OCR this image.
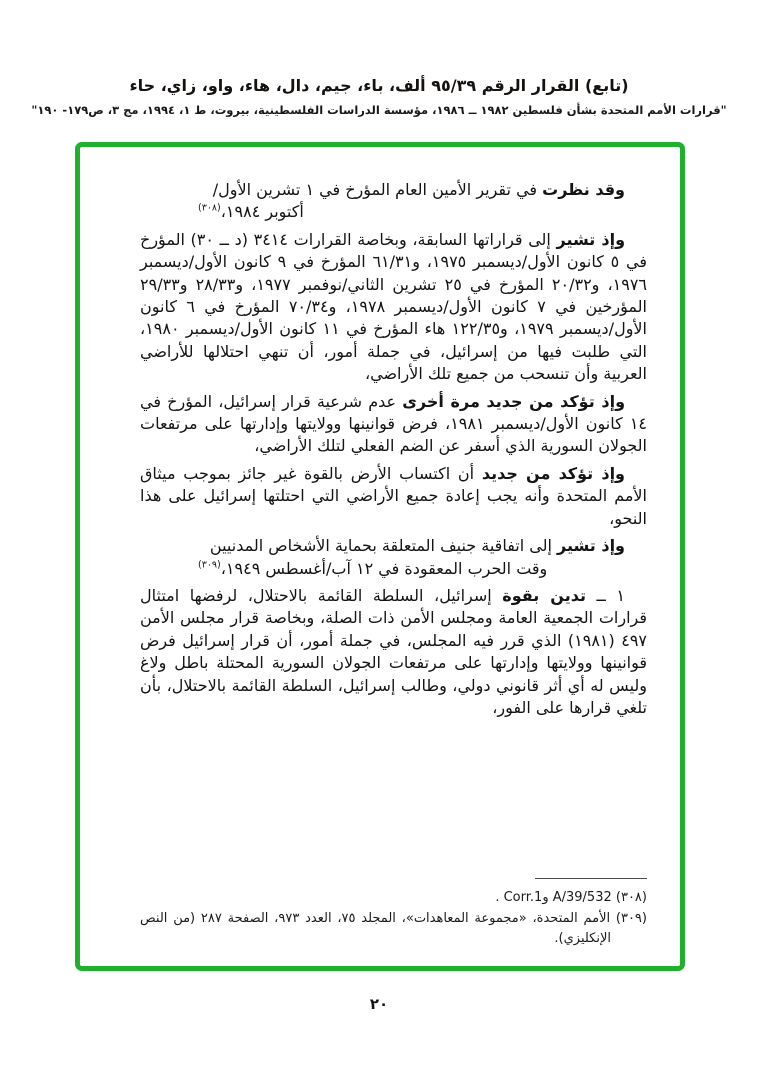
(تابع) القرار الرقم ٩٥/٣٩ ألف، باء، جيم، دال، هاء، واو، زاي، حاء

"قرارات الأمم المتحدة بشأن فلسطين ١٩٨٢ ــ ١٩٨٦، مؤسسة الدراسات الفلسطينية، بيروت، ط ١، ١٩٩٤، مج ٣، ص١٧٩- ١٩٠"

وقد نظرت في تقرير الأمين العام المؤرخ في ١ تشرين الأول/

أكتوبر ١٩٨٤،$^{(٣٠٨)}$

وإذ تشير إلى قراراتها السابقة، وبخاصة القرارات ٣٤١٤ (د ــ ٣٠) المؤرخ في ٥ كانون الأول/ديسمبر ١٩٧٥، و٦١/٣١ المؤرخ في ٩ كانون الأول/ديسمبر ١٩٧٦، و٢٠/٣٢ المؤرخ في ٢٥ تشرين الثاني/نوفمبر ١٩٧٧، و٢٨/٣٣ و٢٩/٣٣ المؤرخين في ٧ كانون الأول/ديسمبر ١٩٧٨، و٧٠/٣٤ المؤرخ في ٦ كانون الأول/ديسمبر ١٩٧٩، و١٢٢/٣٥ هاء المؤرخ في ١١ كانون الأول/ديسمبر ١٩٨٠، التي طلبت فيها من إسرائيل، في جملة أمور، أن تنهي احتلالها للأراضي العربية وأن تنسحب من جميع تلك الأراضي،

وإذ تؤكد من جديد مرة أخرى عدم شرعية قرار إسرائيل، المؤرخ في ١٤ كانون الأول/ديسمبر ١٩٨١، فرض قوانينها وولايتها وإدارتها على مرتفعات الجولان السورية الذي أسفر عن الضم الفعلي لتلك الأراضي،

وإذ تؤكد من جديد أن اكتساب الأرض بالقوة غير جائز بموجب ميثاق الأمم المتحدة وأنه يجب إعادة جميع الأراضي التي احتلتها إسرائيل على هذا النحو،

وإذ تشير إلى اتفاقية جنيف المتعلقة بحماية الأشخاص المدنيين

وقت الحرب المعقودة في ١٢ آب/أغسطس ١٩٤٩،$^{(٣٠٩)}$

١ ــ تدين بقوة إسرائيل، السلطة القائمة بالاحتلال، لرفضها امتثال قرارات الجمعية العامة ومجلس الأمن ذات الصلة، وبخاصة قرار مجلس الأمن ٤٩٧ (١٩٨١) الذي قرر فيه المجلس، في جملة أمور، أن قرار إسرائيل فرض قوانينها وولايتها وإدارتها على مرتفعات الجولان السورية المحتلة باطل ولاغ وليس له أي أثر قانوني دولي، وطالب إسرائيل، السلطة القائمة بالاحتلال، بأن تلغي قرارها على الفور،

(٣٠٨) A/39/532 وCorr.1 .
(٣٠٩) الأمم المتحدة، «مجموعة المعاهدات»، المجلد ٧٥، العدد ٩٧٣، الصفحة ٢٨٧ (من النص الإنكليزي).
٢٠
